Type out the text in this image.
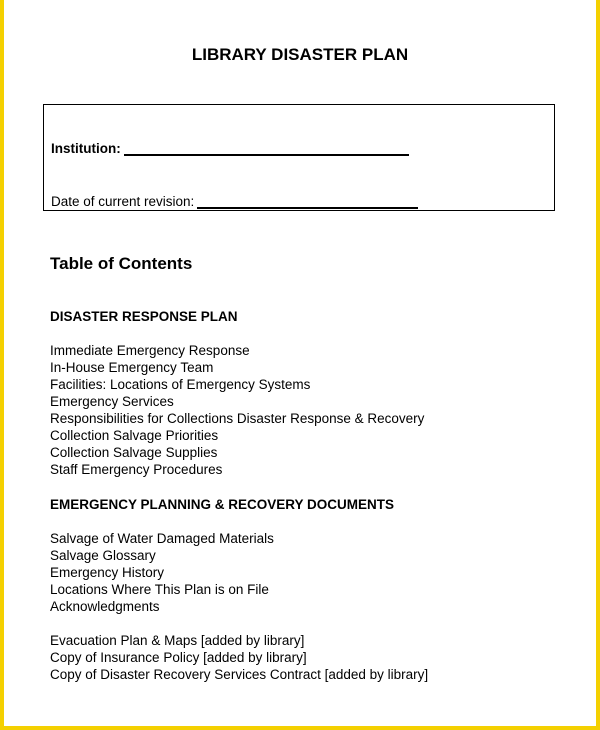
LIBRARY DISASTER PLAN
Institution:
Date of current revision:
Table of Contents
DISASTER RESPONSE PLAN
Immediate Emergency Response
In-House Emergency Team
Facilities: Locations of Emergency Systems
Emergency Services
Responsibilities for Collections Disaster Response & Recovery
Collection Salvage Priorities
Collection Salvage Supplies
Staff Emergency Procedures
EMERGENCY PLANNING & RECOVERY DOCUMENTS
Salvage of Water Damaged Materials
Salvage Glossary
Emergency History
Locations Where This Plan is on File
Acknowledgments
Evacuation Plan & Maps [added by library]
Copy of Insurance Policy [added by library]
Copy of Disaster Recovery Services Contract [added by library]
